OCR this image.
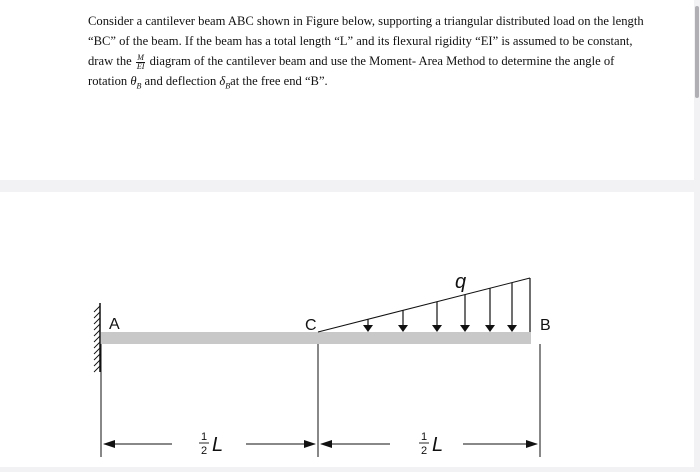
Consider a cantilever beam ABC shown in Figure below, supporting a triangular distributed load on the length “BC” of the beam. If the beam has a total length “L” and its flexural rigidity “EI” is assumed to be constant, draw the $\frac{M}{EI}$ diagram of the cantilever beam and use the Moment- Area Method to determine the angle of rotation $\theta_B$ and deflection $\delta_Bat$ the free end “B”.

q
A	C	B
1
2 L	1
2 L
